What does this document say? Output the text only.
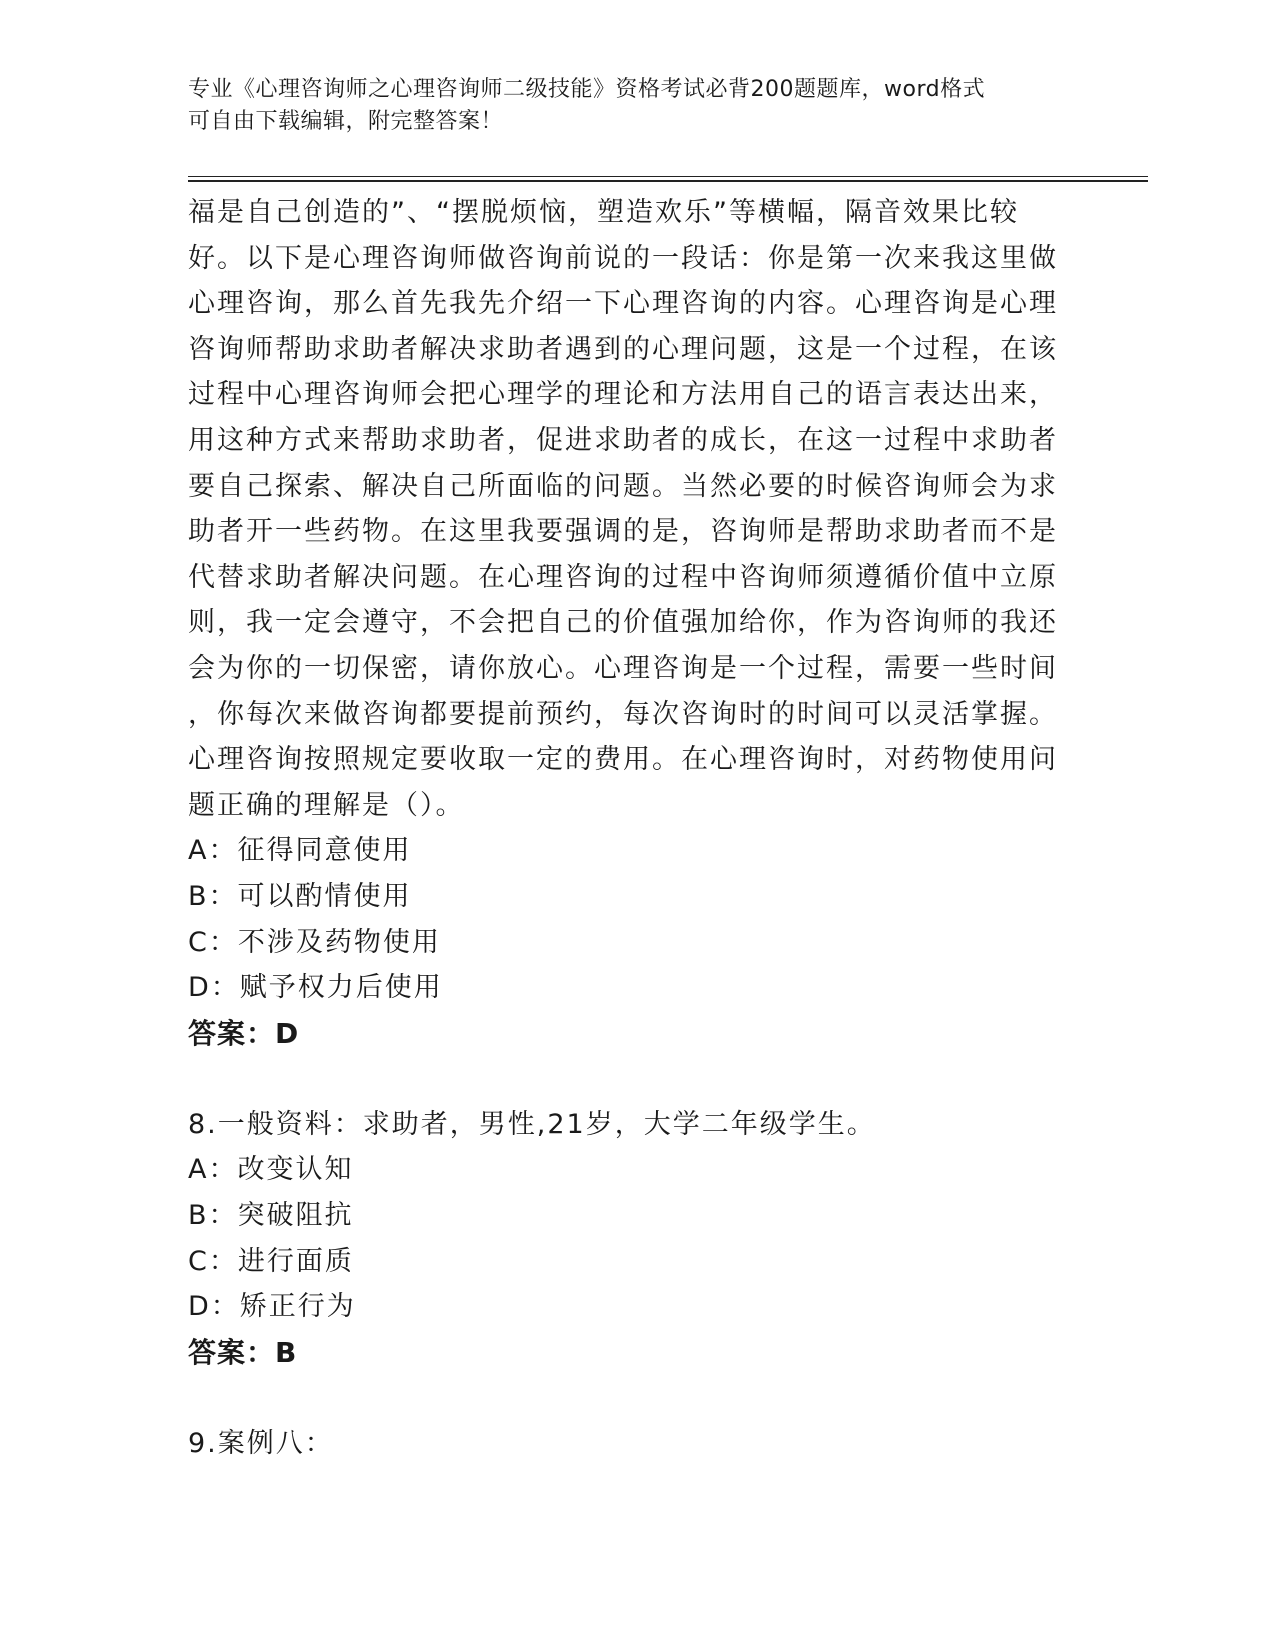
专业《心理咨询师之心理咨询师二级技能》资格考试必背200题题库，word格式

可自由下载编辑，附完整答案！

福是自己创造的”、“摆脱烦恼，塑造欢乐”等横幅，隔音效果比较

好。以下是心理咨询师做咨询前说的一段话：你是第一次来我这里做

心理咨询，那么首先我先介绍一下心理咨询的内容。心理咨询是心理

咨询师帮助求助者解决求助者遇到的心理问题，这是一个过程，在该

过程中心理咨询师会把心理学的理论和方法用自己的语言表达出来，

用这种方式来帮助求助者，促进求助者的成长，在这一过程中求助者

要自己探索、解决自己所面临的问题。当然必要的时候咨询师会为求

助者开一些药物。在这里我要强调的是，咨询师是帮助求助者而不是

代替求助者解决问题。在心理咨询的过程中咨询师须遵循价值中立原

则，我一定会遵守，不会把自己的价值强加给你，作为咨询师的我还

会为你的一切保密，请你放心。心理咨询是一个过程，需要一些时间

，你每次来做咨询都要提前预约，每次咨询时的时间可以灵活掌握。

心理咨询按照规定要收取一定的费用。在心理咨询时，对药物使用问

题正确的理解是（）。

A：征得同意使用

B：可以酌情使用

C：不涉及药物使用

D：赋予权力后使用

答案：D

8.一般资料：求助者，男性,21岁，大学二年级学生。

A：改变认知

B：突破阻抗

C：进行面质

D：矫正行为

答案：B

9.案例八：
